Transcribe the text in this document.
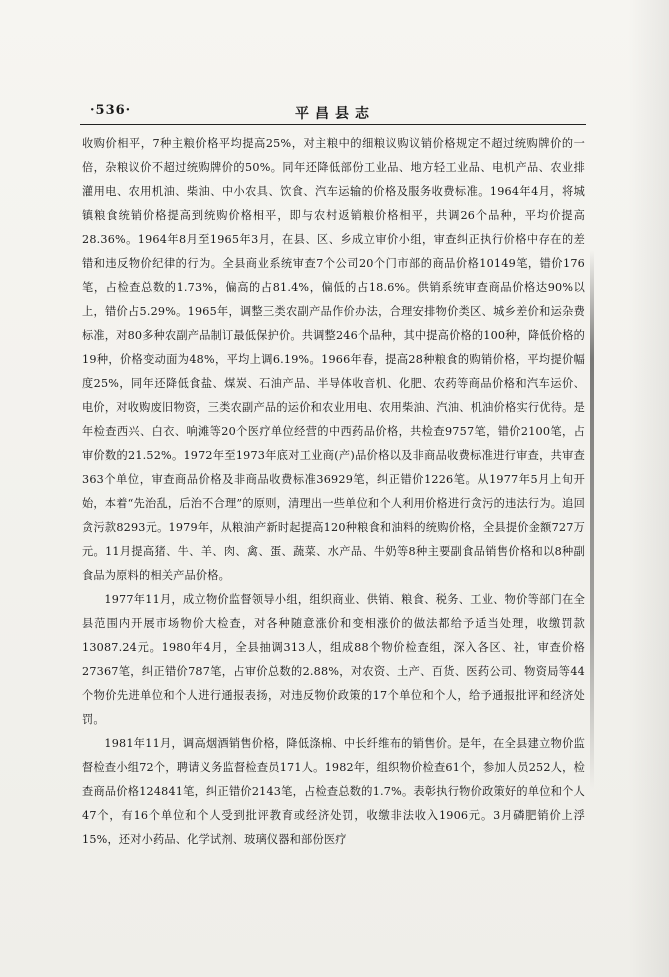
·536·	平昌县志

收购价相平，7种主粮价格平均提高25%，对主粮中的细粮议购议销价格规定不超过统购牌价的一倍，杂粮议价不超过统购牌价的50%。同年还降低部份工业品、地方轻工业品、电机产品、农业排灌用电、农用机油、柴油、中小农具、饮食、汽车运输的价格及服务收费标准。1964年4月，将城镇粮食统销价格提高到统购价格相平，即与农村返销粮价格相平，共调26个品种，平均价提高28.36%。1964年8月至1965年3月，在县、区、乡成立审价小组，审查纠正执行价格中存在的差错和违反物价纪律的行为。全县商业系统审查7个公司20个门市部的商品价格10149笔，错价176笔，占检查总数的1.73%，偏高的占81.4%，偏低的占18.6%。供销系统审查商品价格达90%以上，错价占5.29%。1965年，调整三类农副产品作价办法，合理安排物价类区、城乡差价和运杂费标准，对80多种农副产品制订最低保护价。共调整246个品种，其中提高价格的100种，降低价格的19种，价格变动面为48%，平均上调6.19%。1966年春，提高28种粮食的购销价格，平均提价幅度25%，同年还降低食盐、煤炭、石油产品、半导体收音机、化肥、农药等商品价格和汽车运价、电价，对收购废旧物资，三类农副产品的运价和农业用电、农用柴油、汽油、机油价格实行优待。是年检查西兴、白衣、响滩等20个医疗单位经营的中西药品价格，共检查9757笔，错价2100笔，占审价数的21.52%。1972年至1973年底对工业商(产)品价格以及非商品收费标准进行审查，共审查363个单位，审查商品价格及非商品收费标准36929笔，纠正错价1226笔。从1977年5月上旬开始，本着“先治乱，后治不合理”的原则，清理出一些单位和个人利用价格进行贪污的违法行为。追回贪污款8293元。1979年，从粮油产新时起提高120种粮食和油料的统购价格，全县提价金额727万元。11月提高猪、牛、羊、肉、禽、蛋、蔬菜、水产品、牛奶等8种主要副食品销售价格和以8种副食品为原料的相关产品价格。

1977年11月，成立物价监督领导小组，组织商业、供销、粮食、税务、工业、物价等部门在全县范围内开展市场物价大检查，对各种随意涨价和变相涨价的做法都给予适当处理，收缴罚款13087.24元。1980年4月，全县抽调313人，组成88个物价检查组，深入各区、社，审查价格27367笔，纠正错价787笔，占审价总数的2.88%，对农资、土产、百货、医药公司、物资局等44个物价先进单位和个人进行通报表扬，对违反物价政策的17个单位和个人，给予通报批评和经济处罚。

1981年11月，调高烟酒销售价格，降低涤棉、中长纤维布的销售价。是年，在全县建立物价监督检查小组72个，聘请义务监督检查员171人。1982年，组织物价检查61个，参加人员252人，检查商品价格124841笔，纠正错价2143笔，占检查总数的1.7%。表彰执行物价政策好的单位和个人47个，有16个单位和个人受到批评教育或经济处罚，收缴非法收入1906元。3月磷肥销价上浮15%，还对小药品、化学试剂、玻璃仪器和部份医疗
